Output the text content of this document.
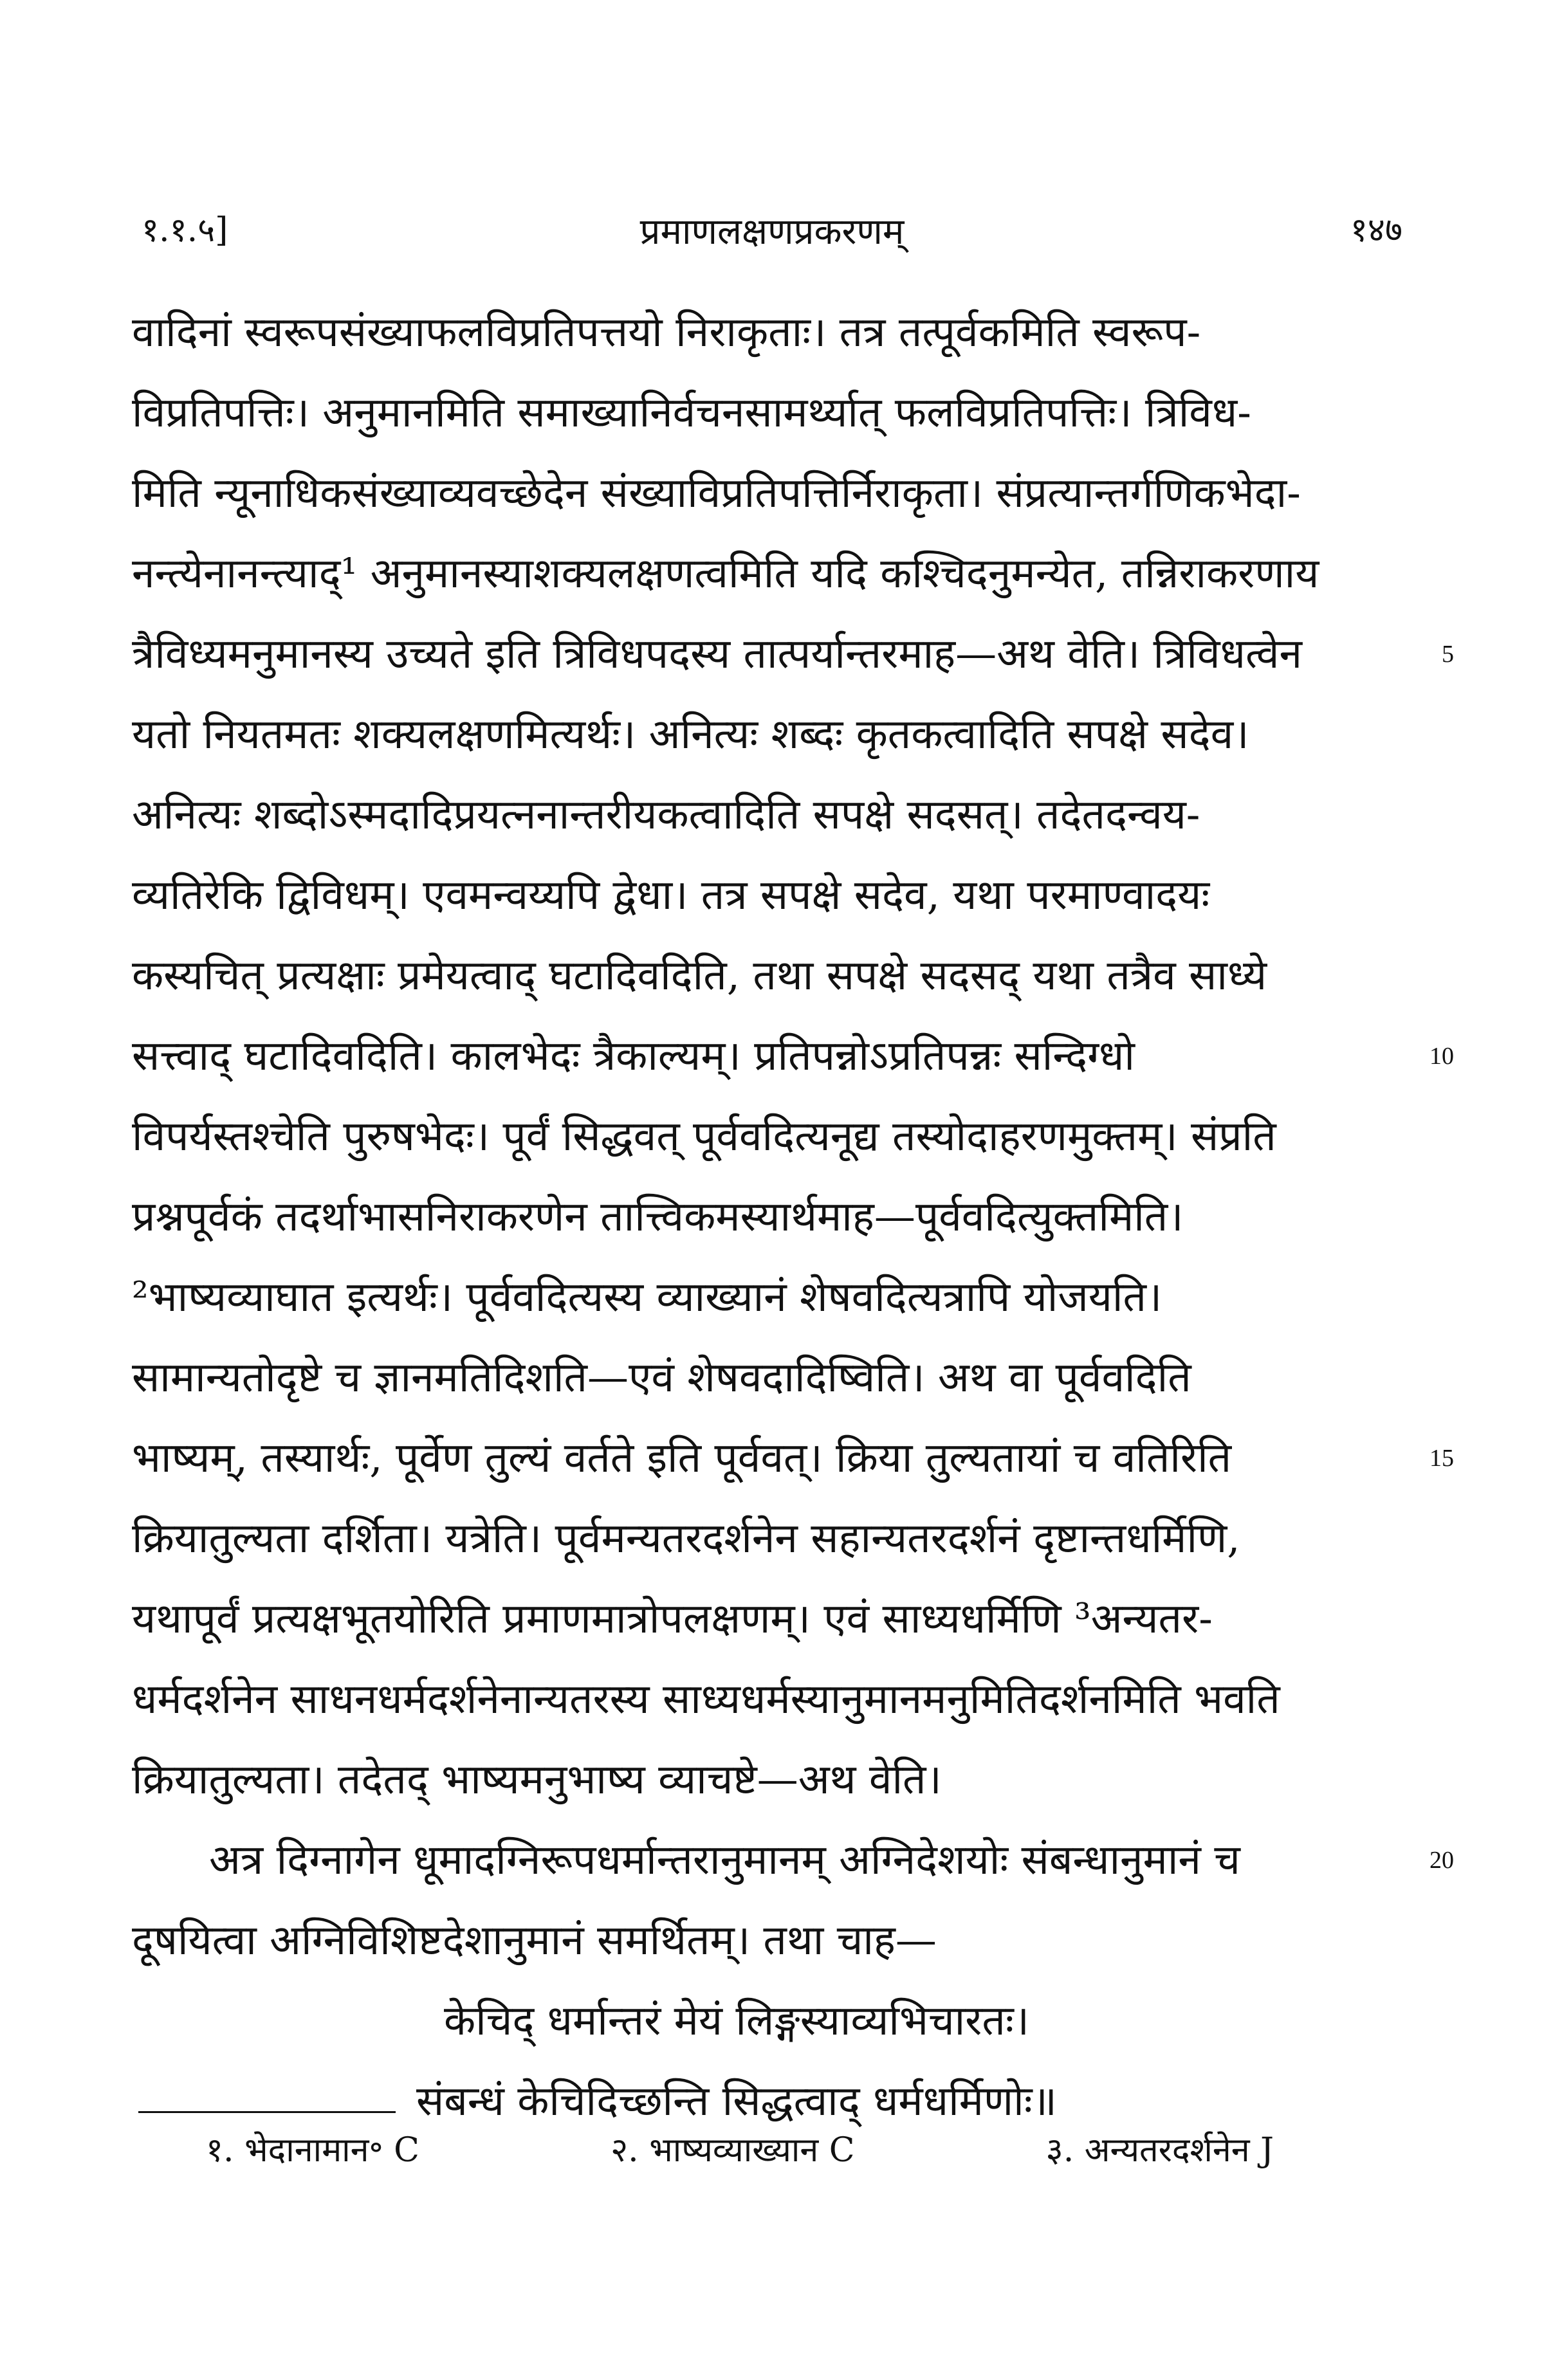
१.१.५]	प्रमाणलक्षणप्रकरणम्	१४७
वादिनां स्वरूपसंख्याफलविप्रतिपत्तयो निराकृताः। तत्र तत्पूर्वकमिति स्वरूप-
विप्रतिपत्तिः। अनुमानमिति समाख्यानिर्वचनसामर्थ्यात् फलविप्रतिपत्तिः। त्रिविध-
मिति न्यूनाधिकसंख्याव्यवच्छेदेन संख्याविप्रतिपत्तिर्निराकृता। संप्रत्यान्तर्गणिकभेदा-
नन्त्येनानन्त्याद्¹ अनुमानस्याशक्यलक्षणत्वमिति यदि कश्चिदनुमन्येत, तन्निराकरणाय
त्रैविध्यमनुमानस्य उच्यते इति त्रिविधपदस्य तात्पर्यान्तरमाह—अथ वेति। त्रिविधत्वेन
यतो नियतमतः शक्यलक्षणमित्यर्थः। अनित्यः शब्दः कृतकत्वादिति सपक्षे सदेव।
अनित्यः शब्दोऽस्मदादिप्रयत्ननान्तरीयकत्वादिति सपक्षे सदसत्। तदेतदन्वय-
व्यतिरेकि द्विविधम्। एवमन्वय्यपि द्वेधा। तत्र सपक्षे सदेव, यथा परमाण्वादयः
कस्यचित् प्रत्यक्षाः प्रमेयत्वाद् घटादिवदिति, तथा सपक्षे सदसद् यथा तत्रैव साध्ये
सत्त्वाद् घटादिवदिति। कालभेदः त्रैकाल्यम्। प्रतिपन्नोऽप्रतिपन्नः सन्दिग्धो
विपर्यस्तश्चेति पुरुषभेदः। पूर्वं सिद्धवत् पूर्ववदित्यनूद्य तस्योदाहरणमुक्तम्। संप्रति
प्रश्नपूर्वकं तदर्थाभासनिराकरणेन तात्त्विकमस्यार्थमाह—पूर्ववदित्युक्तमिति।
²भाष्यव्याघात इत्यर्थः। पूर्ववदित्यस्य व्याख्यानं शेषवदित्यत्रापि योजयति।
सामान्यतोदृष्टे च ज्ञानमतिदिशति—एवं शेषवदादिष्विति। अथ वा पूर्ववदिति
भाष्यम्, तस्यार्थः, पूर्वेण तुल्यं वर्तते इति पूर्ववत्। क्रिया तुल्यतायां च वतिरिति
क्रियातुल्यता दर्शिता। यत्रेति। पूर्वमन्यतरदर्शनेन सहान्यतरदर्शनं दृष्टान्तधर्मिणि,
यथापूर्वं प्रत्यक्षभूतयोरिति प्रमाणमात्रोपलक्षणम्। एवं साध्यधर्मिणि ³अन्यतर-
धर्मदर्शनेन साधनधर्मदर्शनेनान्यतरस्य साध्यधर्मस्यानुमानमनुमितिदर्शनमिति भवति
क्रियातुल्यता। तदेतद् भाष्यमनुभाष्य व्याचष्टे—अथ वेति।
अत्र दिग्नागेन धूमादग्निरूपधर्मान्तरानुमानम् अग्निदेशयोः संबन्धानुमानं च
दूषयित्वा अग्निविशिष्टदेशानुमानं समर्थितम्। तथा चाह—
केचिद् धर्मान्तरं मेयं लिङ्गस्याव्यभिचारतः।
संबन्धं केचिदिच्छन्ति सिद्धत्वाद् धर्मधर्मिणोः॥
5
10
15
20
१. भेदानामान॰ C	२. भाष्यव्याख्यान C	३. अन्यतरदर्शनेन J
